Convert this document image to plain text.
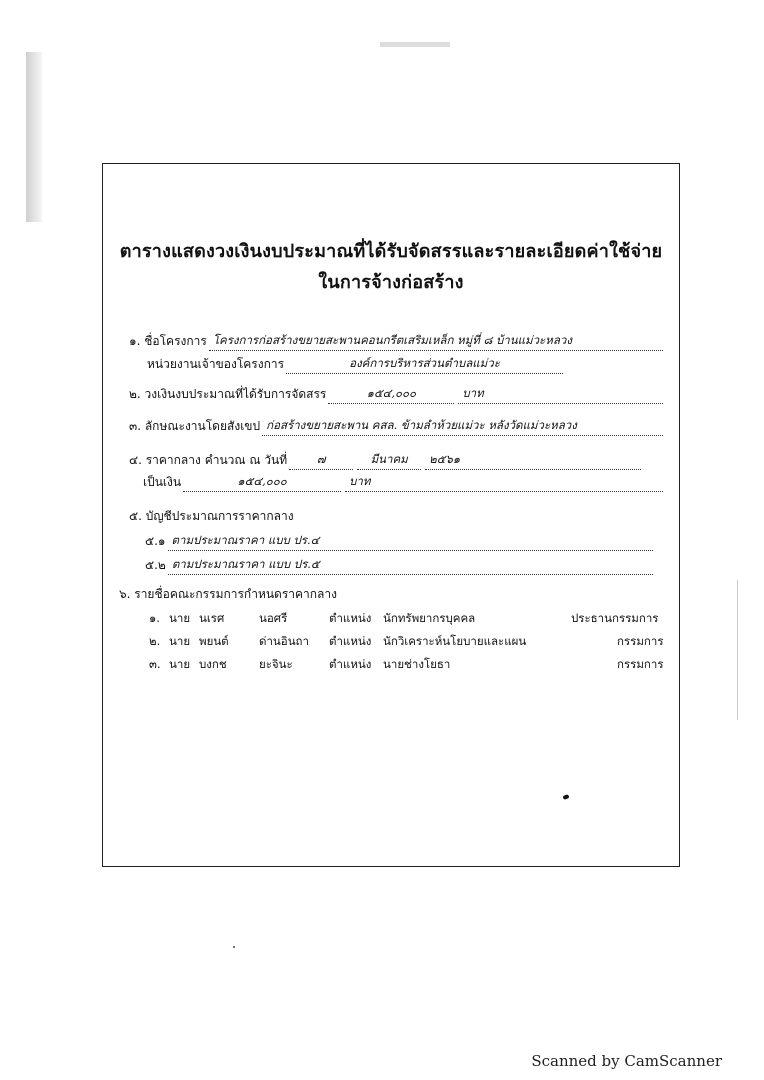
ตารางแสดงวงเงินงบประมาณที่ได้รับจัดสรรและรายละเอียดค่าใช้จ่าย
ในการจ้างก่อสร้าง
๑. ชื่อโครงการ โครงการก่อสร้างขยายสะพานคอนกรีตเสริมเหล็ก หมู่ที่ ๘ บ้านแม่วะหลวง
หน่วยงานเจ้าของโครงการ	องค์การบริหารส่วนตำบลแม่วะ
๒. วงเงินงบประมาณที่ได้รับการจัดสรร	๑๕๔,๐๐๐	บาท
๓. ลักษณะงานโดยสังเขป ก่อสร้างขยายสะพาน คสล. ข้ามลำห้วยแม่วะ หลังวัดแม่วะหลวง
๔. ราคากลาง คำนวณ ณ วันที่	๗	มีนาคม	๒๕๖๑
เป็นเงิน	๑๕๔,๐๐๐	บาท
๕. บัญชีประมาณการราคากลาง
๕.๑ ตามประมาณราคา แบบ ปร.๔
๕.๒ ตามประมาณราคา แบบ ปร.๕
๖. รายชื่อคณะกรรมการกำหนดราคากลาง
๑. นาย นเรศ	นอศรี	ตำแหน่ง นักทรัพยากรบุคคล	ประธานกรรมการ
๒. นาย พยนต์	ด่านอินถา ตำแหน่ง นักวิเคราะห์นโยบายและแผน	กรรมการ
๓. นาย บงกช	ยะจินะ	ตำแหน่ง นายช่างโยธา	กรรมการ
Scanned by CamScanner
